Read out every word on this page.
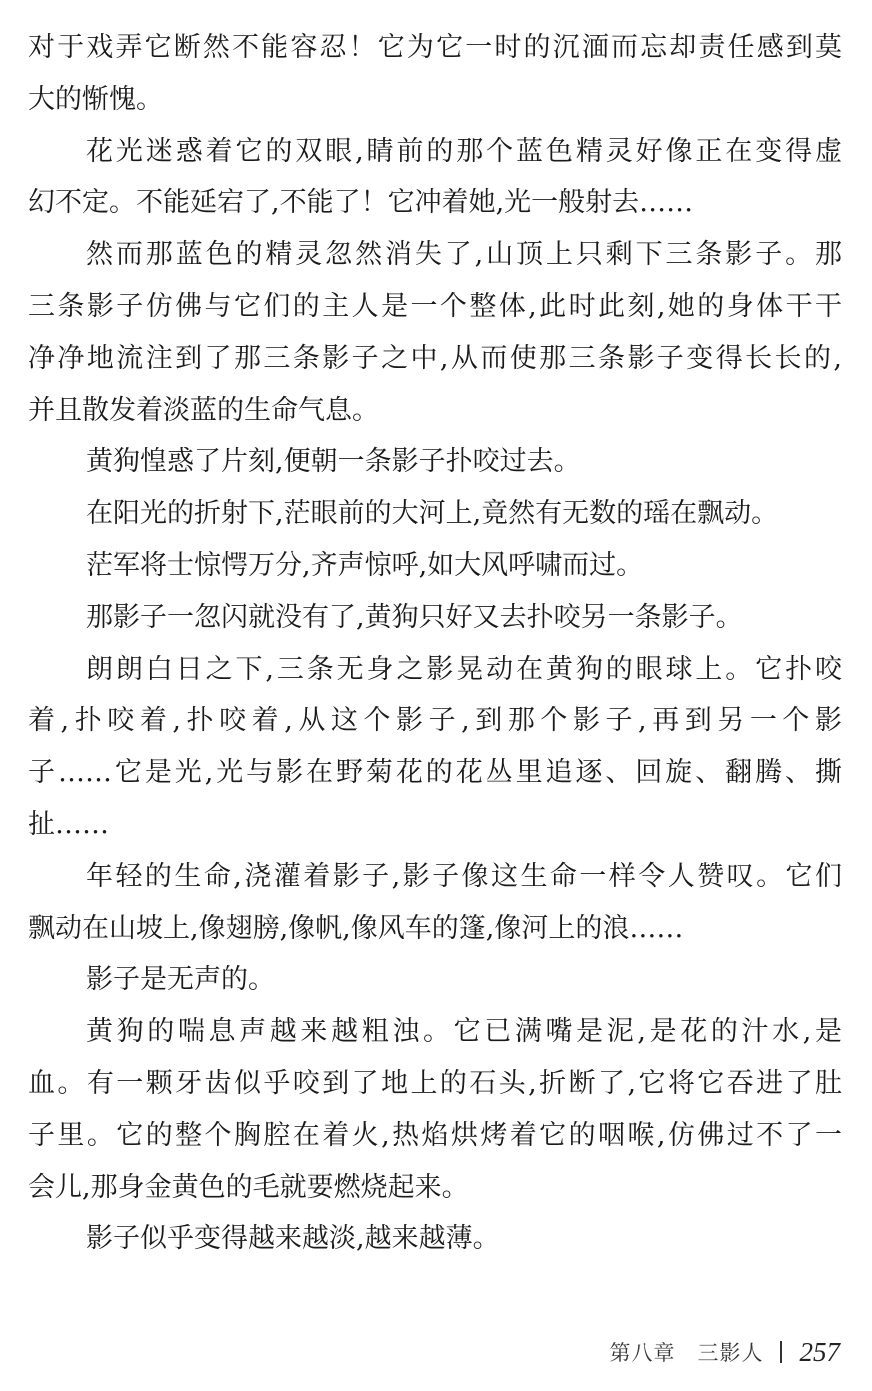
对于戏弄它断然不能容忍！它为它一时的沉湎而忘却责任感到莫
大的惭愧。
花光迷惑着它的双眼,睛前的那个蓝色精灵好像正在变得虚
幻不定。不能延宕了,不能了！它冲着她,光一般射去……
然而那蓝色的精灵忽然消失了,山顶上只剩下三条影子。那
三条影子仿佛与它们的主人是一个整体,此时此刻,她的身体干干
净净地流注到了那三条影子之中,从而使那三条影子变得长长的,
并且散发着淡蓝的生命气息。
黄狗惶惑了片刻,便朝一条影子扑咬过去。
在阳光的折射下,茫眼前的大河上,竟然有无数的瑶在飘动。
茫军将士惊愕万分,齐声惊呼,如大风呼啸而过。
那影子一忽闪就没有了,黄狗只好又去扑咬另一条影子。
朗朗白日之下,三条无身之影晃动在黄狗的眼球上。它扑咬
着,扑咬着,扑咬着,从这个影子,到那个影子,再到另一个影
子……它是光,光与影在野菊花的花丛里追逐、回旋、翻腾、撕
扯……
年轻的生命,浇灌着影子,影子像这生命一样令人赞叹。它们
飘动在山坡上,像翅膀,像帆,像风车的篷,像河上的浪……
影子是无声的。
黄狗的喘息声越来越粗浊。它已满嘴是泥,是花的汁水,是
血。有一颗牙齿似乎咬到了地上的石头,折断了,它将它吞进了肚
子里。它的整个胸腔在着火,热焰烘烤着它的咽喉,仿佛过不了一
会儿,那身金黄色的毛就要燃烧起来。
影子似乎变得越来越淡,越来越薄。
第八章　三影人 257
